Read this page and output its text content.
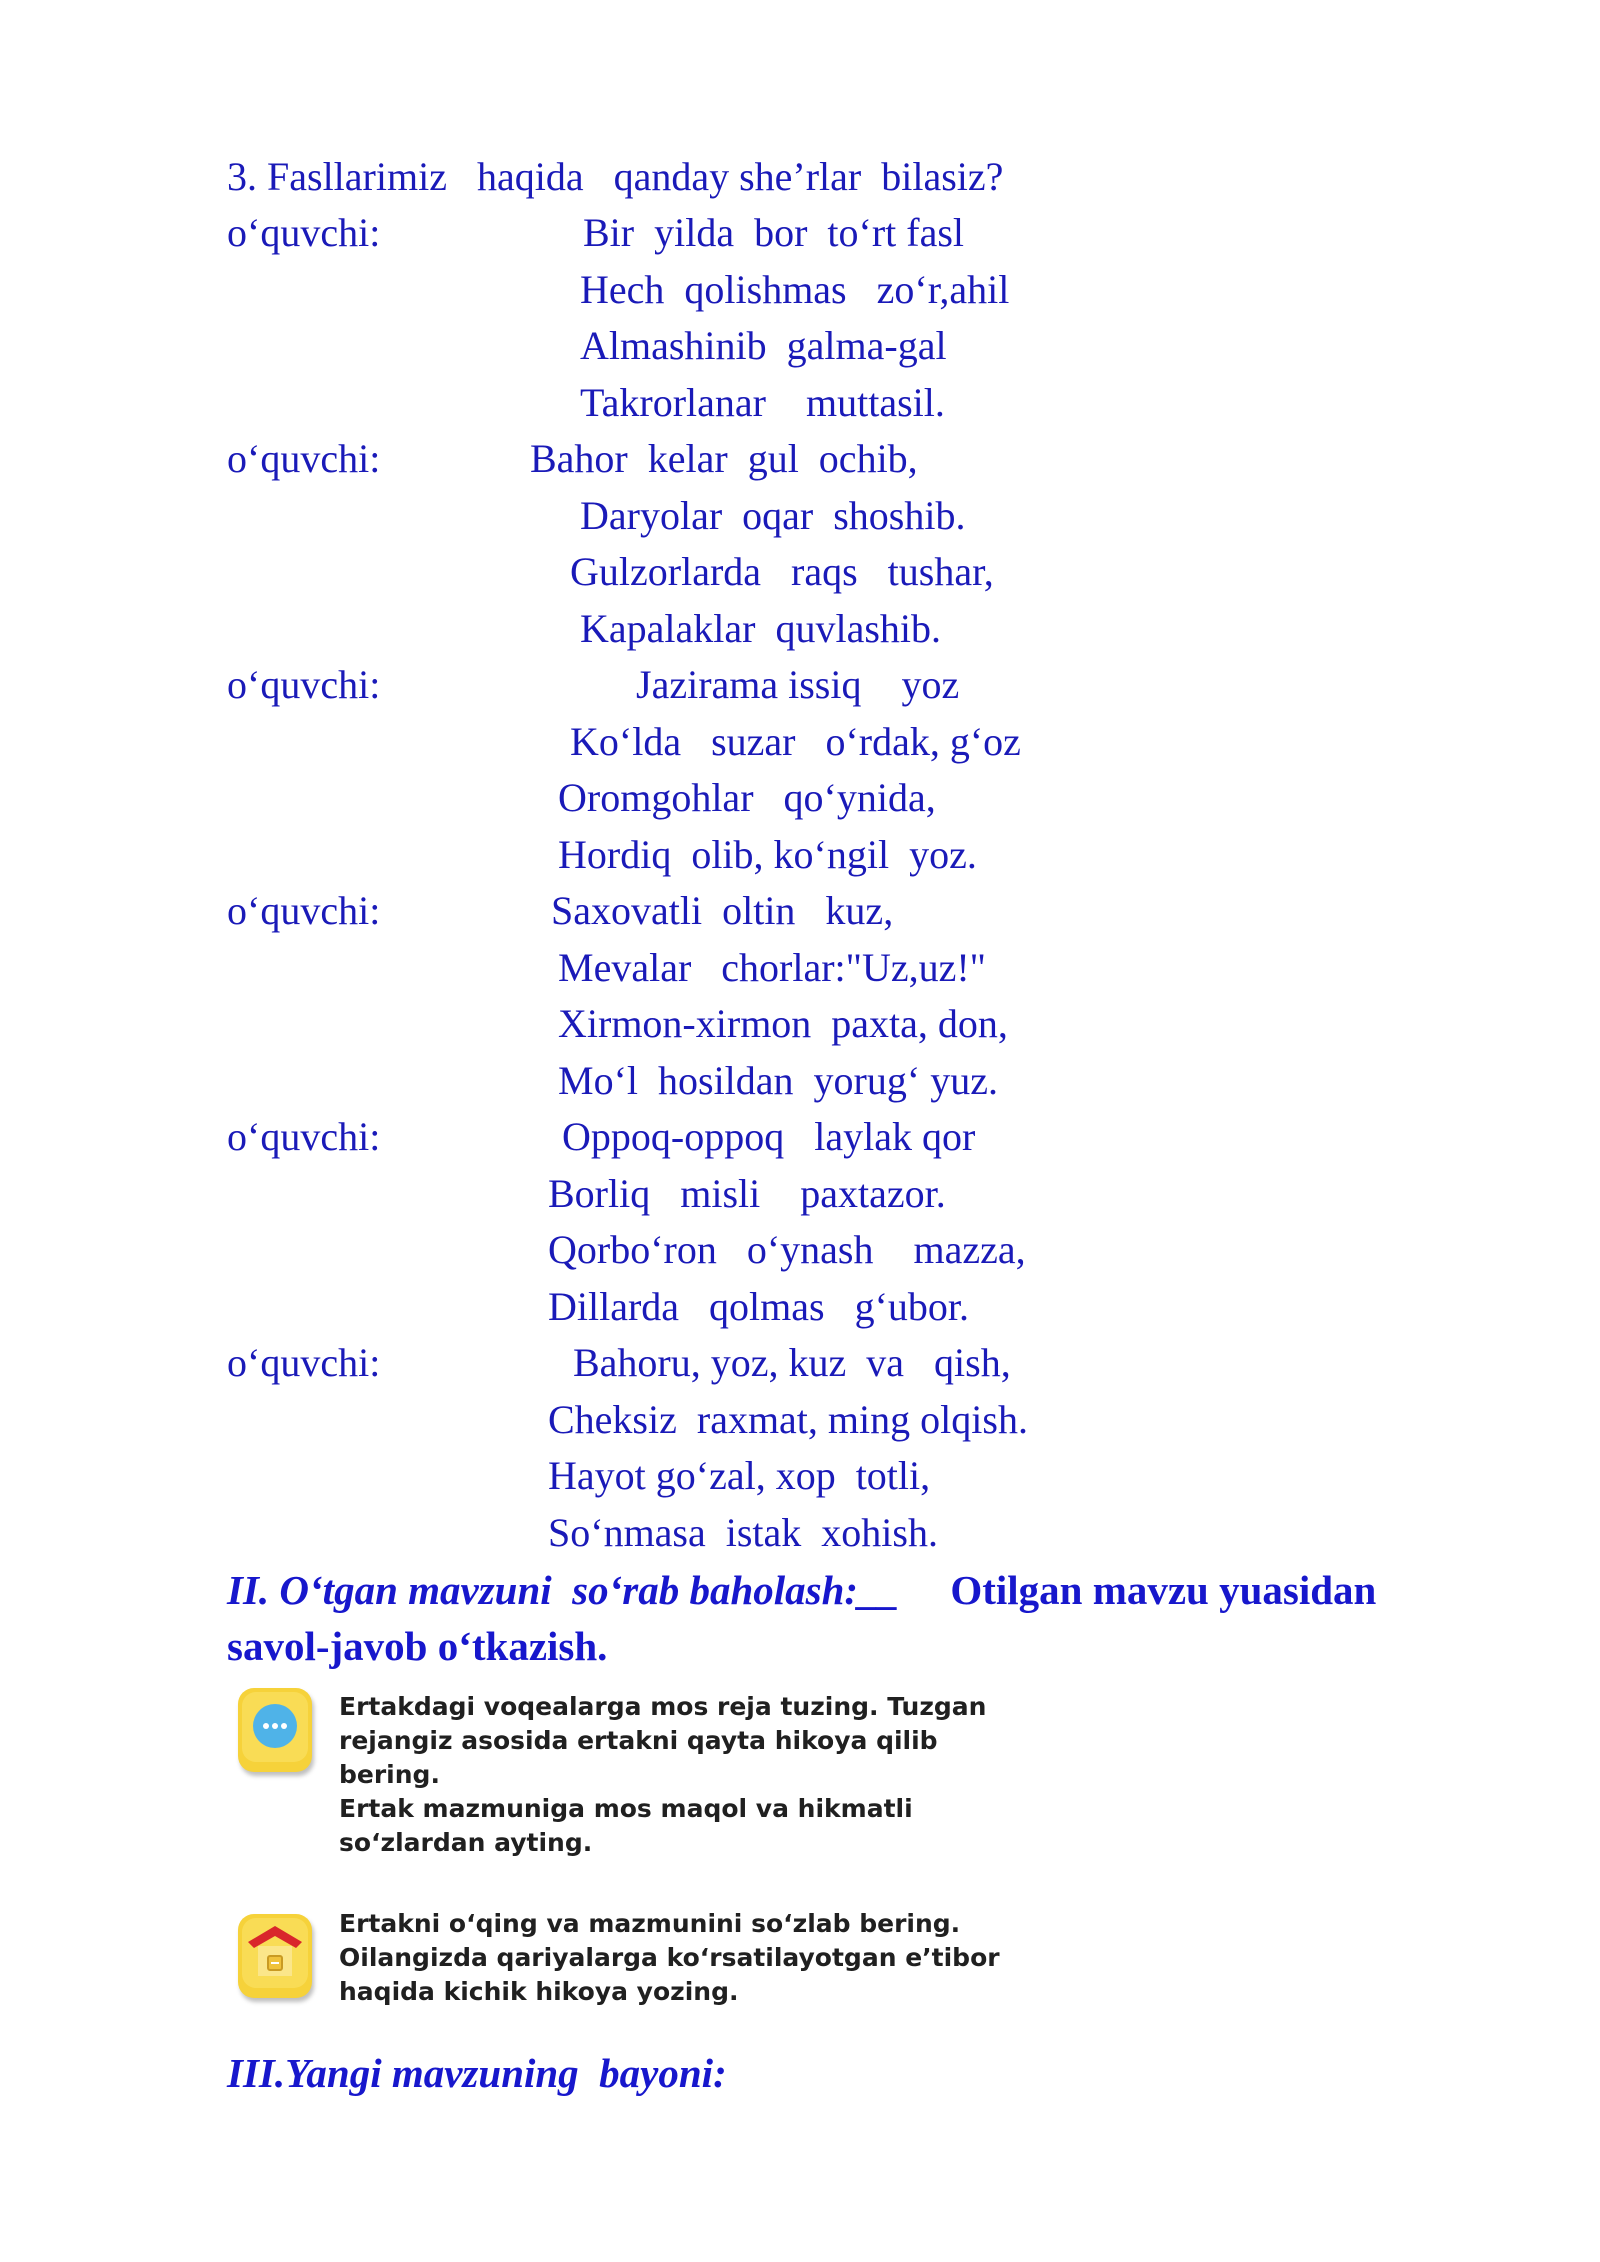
3. Fasllarimiz   haqida   qanday she’rlar  bilasiz?
o‘quvchi:	Bir  yilda  bor  to‘rt fasl
Hech  qolishmas   zo‘r,ahil
Almashinib  galma-gal
Takrorlanar    muttasil.
o‘quvchi:	Bahor  kelar  gul  ochib,
Daryolar  oqar  shoshib.
Gulzorlarda   raqs   tushar,
Kapalaklar  quvlashib.
o‘quvchi:	Jazirama issiq    yoz
Ko‘lda   suzar   o‘rdak, g‘oz
Oromgohlar   qo‘ynida,
Hordiq  olib, ko‘ngil  yoz.
o‘quvchi:	Saxovatli  oltin   kuz,
Mevalar   chorlar:"Uz,uz!"
Xirmon-xirmon  paxta, don,
Mo‘l  hosildan  yorug‘ yuz.
o‘quvchi:	Oppoq-oppoq   laylak qor
Borliq   misli    paxtazor.
Qorbo‘ron   o‘ynash    mazza,
Dillarda   qolmas   g‘ubor.
o‘quvchi:	Bahoru, yoz, kuz  va   qish,
Cheksiz  raxmat, ming olqish.
Hayot go‘zal, xop  totli,
So‘nmasa  istak  xohish.
II. O‘tgan mavzuni  so‘rab baholash:__     Otilgan mavzu yuasidan
savol-javob o‘tkazish.
Ertakdagi voqealarga mos reja tuzing. Tuzgan
rejangiz asosida ertakni qayta hikoya qilib
bering.
Ertak mazmuniga mos maqol va hikmatli
so‘zlardan ayting.
Ertakni o‘qing va mazmunini so‘zlab bering.
Oilangizda qariyalarga ko‘rsatilayotgan e’tibor
haqida kichik hikoya yozing.
III.Yangi mavzuning  bayoni:
